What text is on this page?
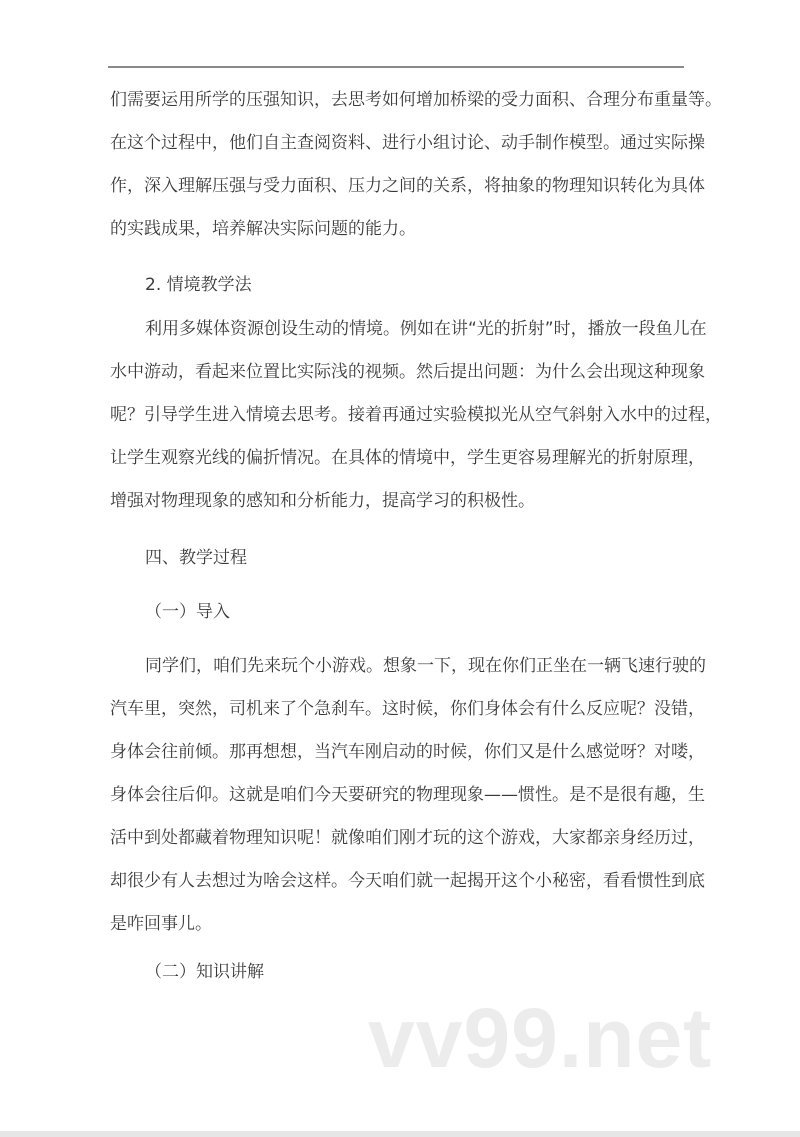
们需要运用所学的压强知识，去思考如何增加桥梁的受力面积、合理分布重量等。
在这个过程中，他们自主查阅资料、进行小组讨论、动手制作模型。通过实际操
作，深入理解压强与受力面积、压力之间的关系，将抽象的物理知识转化为具体
的实践成果，培养解决实际问题的能力。
2. 情境教学法
利用多媒体资源创设生动的情境。例如在讲“光的折射”时，播放一段鱼儿在
水中游动，看起来位置比实际浅的视频。然后提出问题：为什么会出现这种现象
呢？引导学生进入情境去思考。接着再通过实验模拟光从空气斜射入水中的过程，
让学生观察光线的偏折情况。在具体的情境中，学生更容易理解光的折射原理，
增强对物理现象的感知和分析能力，提高学习的积极性。
四、教学过程
（一）导入
同学们，咱们先来玩个小游戏。想象一下，现在你们正坐在一辆飞速行驶的
汽车里，突然，司机来了个急刹车。这时候，你们身体会有什么反应呢？没错，
身体会往前倾。那再想想，当汽车刚启动的时候，你们又是什么感觉呀？对喽，
身体会往后仰。这就是咱们今天要研究的物理现象——惯性。是不是很有趣，生
活中到处都藏着物理知识呢！就像咱们刚才玩的这个游戏，大家都亲身经历过，
却很少有人去想过为啥会这样。今天咱们就一起揭开这个小秘密，看看惯性到底
是咋回事儿。
（二）知识讲解
vv99.net
